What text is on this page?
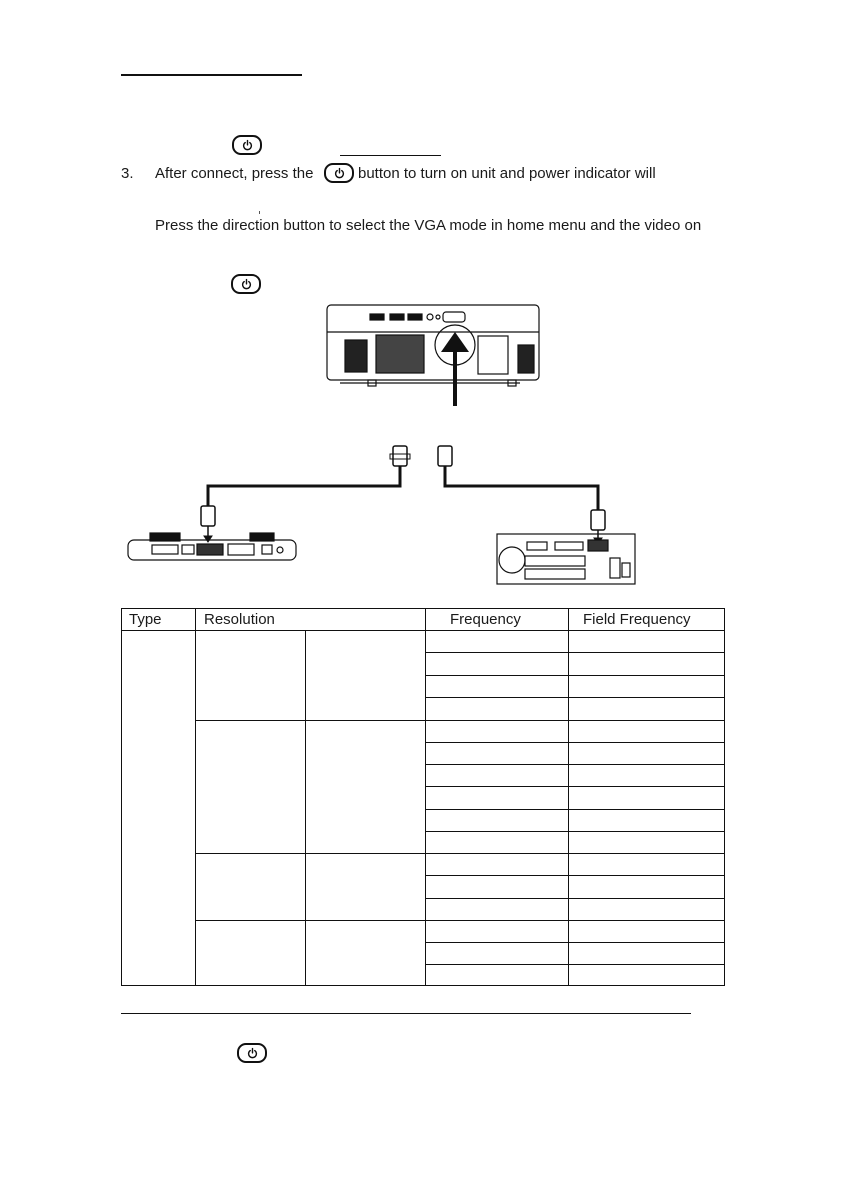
3. After connect, press the	button to turn on unit and power indicator will
Press the direction button to select the VGA mode in home menu and the video on
Type	Resolution	Frequency	Field Frequency
